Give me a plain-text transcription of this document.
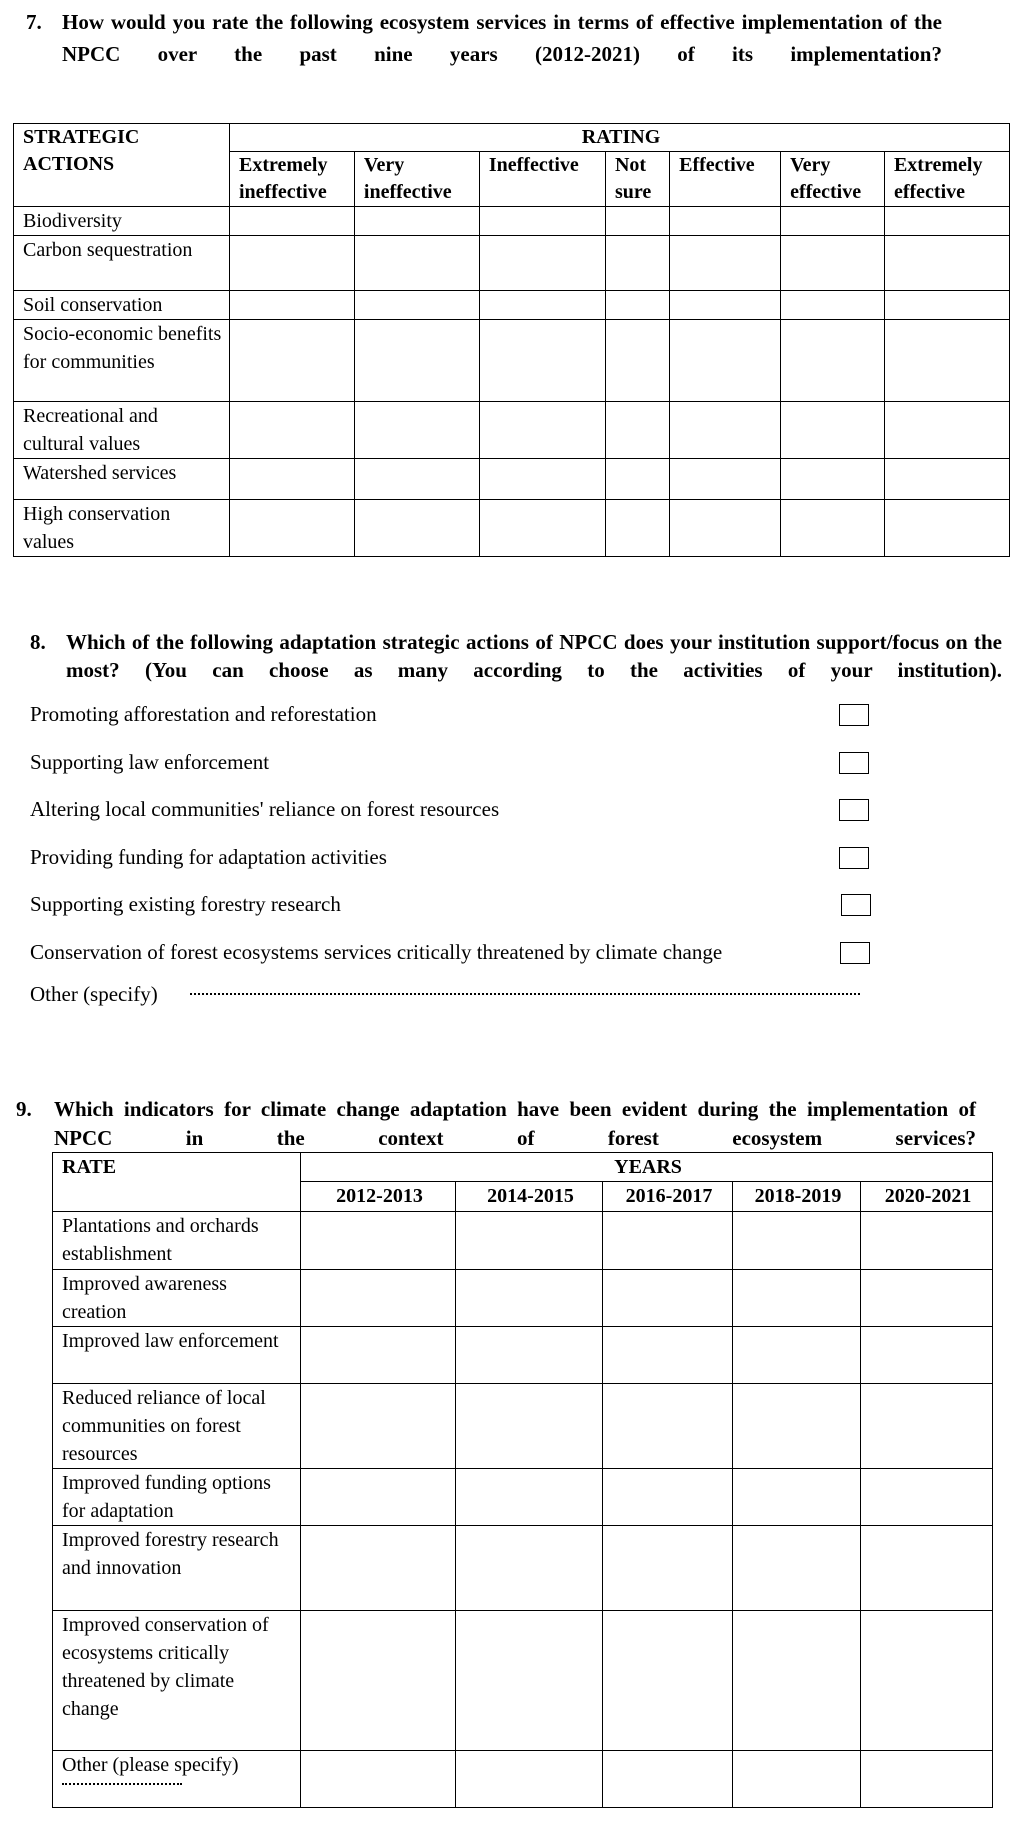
7. How would you rate the following ecosystem services in terms of effective implementation of the NPCC over the past nine years (2012-2021) of its implementation?
STRATEGIC ACTIONS	RATING						
	Extremely ineffective	Very ineffective	Ineffective	Not sure	Effective	Very effective	Extremely effective
Biodiversity							
Carbon sequestration							
Soil conservation							
Socio-economic benefits for communities							
Recreational and cultural values							
Watershed services							
High conservation values							
8. Which of the following adaptation strategic actions of NPCC does your institution support/focus on the most? (You can choose as many according to the activities of your institution).
Promoting afforestation and reforestation
Supporting law enforcement
Altering local communities' reliance on forest resources
Providing funding for adaptation activities
Supporting existing forestry research
Conservation of forest ecosystems services critically threatened by climate change
Other (specify)
9. Which indicators for climate change adaptation have been evident during the implementation of NPCC in the context of forest ecosystem services?
RATE	YEARS				
	2012-2013	2014-2015	2016-2017	2018-2019	2020-2021
Plantations and orchards establishment					
Improved awareness creation					
Improved law enforcement					
Reduced reliance of local communities on forest resources					
Improved funding options for adaptation					
Improved forestry research and innovation					
Improved conservation of ecosystems critically threatened by climate change					
Other (please specify)
